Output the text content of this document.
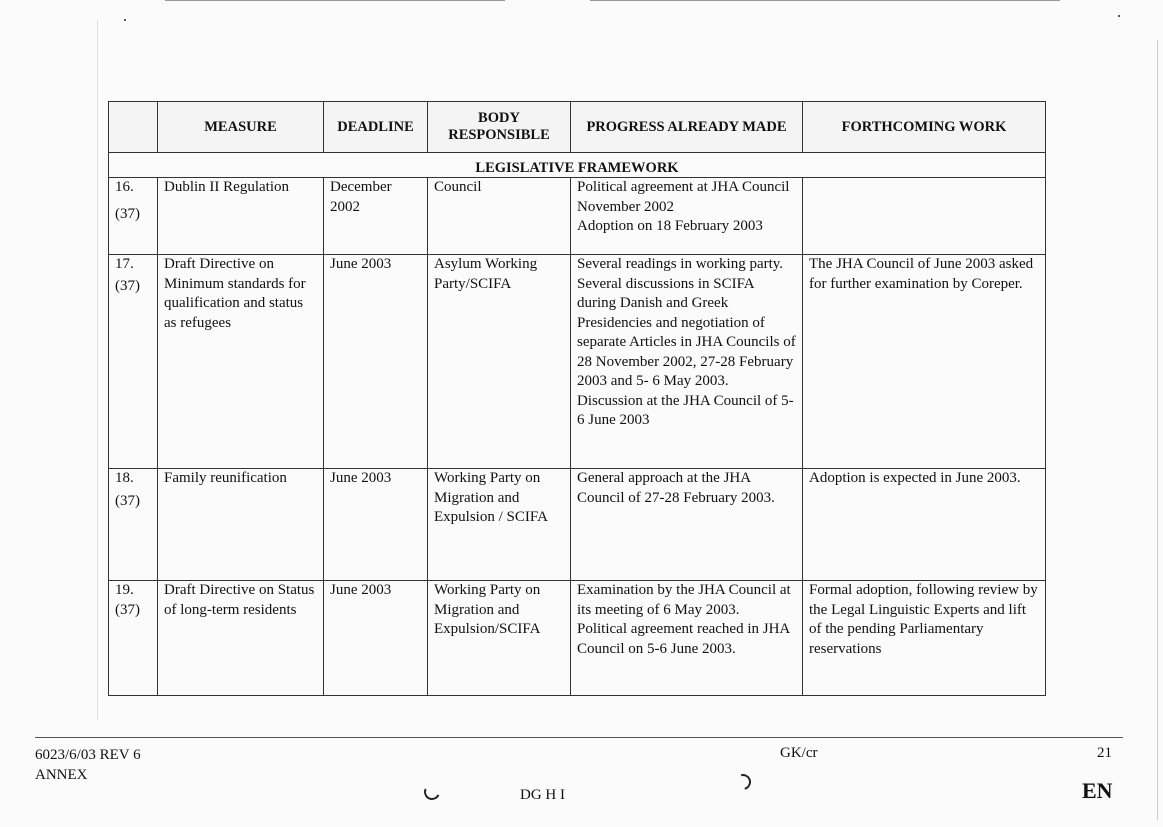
	MEASURE	DEADLINE	BODY RESPONSIBLE	PROGRESS ALREADY MADE	FORTHCOMING WORK
LEGISLATIVE FRAMEWORK					

16.
(37)	Dublin II Regulation	December 2002	Council	Political agreement at JHA Council November 2002
Adoption on 18 February 2003	

17.
(37)	Draft Directive on Minimum standards for qualification and status as refugees	June 2003	Asylum Working Party/SCIFA	Several readings in working party. Several discussions in SCIFA during Danish and Greek Presidencies and negotiation of separate Articles in JHA Councils of 28 November 2002, 27-28 February 2003 and 5- 6 May 2003.
Discussion at the JHA Council of 5-6 June 2003	The JHA Council of June 2003 asked for further examination by Coreper.

18.
(37)	Family reunification	June 2003	Working Party on Migration and Expulsion / SCIFA	General approach at the JHA Council of 27-28 February 2003.	Adoption is expected in June 2003.

19.
(37)	Draft Directive on Status of long-term residents	June 2003	Working Party on Migration and Expulsion/SCIFA	Examination by the JHA Council at its meeting of 6 May 2003.
Political agreement reached in JHA Council on 5-6 June 2003.	Formal adoption, following review by the Legal Linguistic Experts and lift of the pending Parliamentary reservations
6023/6/03 REV 6
ANNEX
GK/cr	21
DG H I	EN
